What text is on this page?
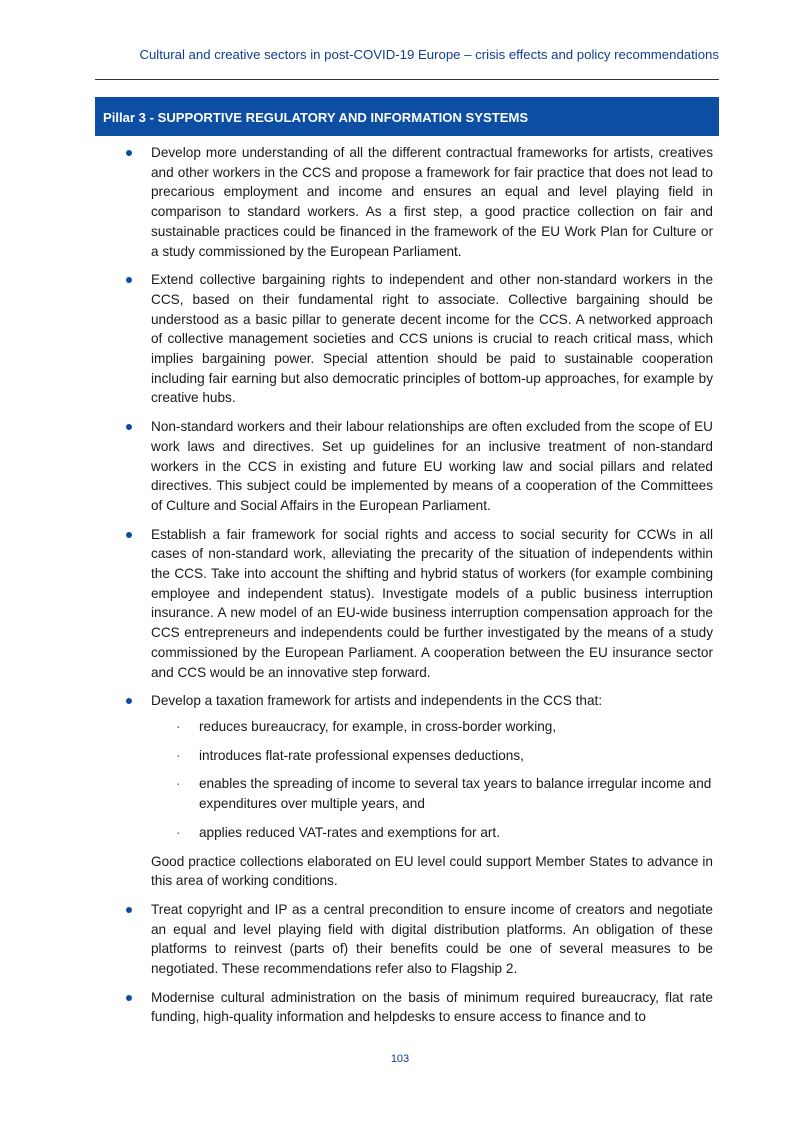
Cultural and creative sectors in post-COVID-19 Europe – crisis effects and policy recommendations
Pillar 3 - SUPPORTIVE REGULATORY AND INFORMATION SYSTEMS
Develop more understanding of all the different contractual frameworks for artists, creatives and other workers in the CCS and propose a framework for fair practice that does not lead to precarious employment and income and ensures an equal and level playing field in comparison to standard workers. As a first step, a good practice collection on fair and sustainable practices could be financed in the framework of the EU Work Plan for Culture or a study commissioned by the European Parliament.
Extend collective bargaining rights to independent and other non-standard workers in the CCS, based on their fundamental right to associate. Collective bargaining should be understood as a basic pillar to generate decent income for the CCS. A networked approach of collective management societies and CCS unions is crucial to reach critical mass, which implies bargaining power. Special attention should be paid to sustainable cooperation including fair earning but also democratic principles of bottom-up approaches, for example by creative hubs.
Non-standard workers and their labour relationships are often excluded from the scope of EU work laws and directives. Set up guidelines for an inclusive treatment of non-standard workers in the CCS in existing and future EU working law and social pillars and related directives. This subject could be implemented by means of a cooperation of the Committees of Culture and Social Affairs in the European Parliament.
Establish a fair framework for social rights and access to social security for CCWs in all cases of non-standard work, alleviating the precarity of the situation of independents within the CCS. Take into account the shifting and hybrid status of workers (for example combining employee and independent status). Investigate models of a public business interruption insurance. A new model of an EU-wide business interruption compensation approach for the CCS entrepreneurs and independents could be further investigated by the means of a study commissioned by the European Parliament. A cooperation between the EU insurance sector and CCS would be an innovative step forward.
Develop a taxation framework for artists and independents in the CCS that:
· reduces bureaucracy, for example, in cross-border working,
· introduces flat-rate professional expenses deductions,
· enables the spreading of income to several tax years to balance irregular income and expenditures over multiple years, and
· applies reduced VAT-rates and exemptions for art.
Good practice collections elaborated on EU level could support Member States to advance in this area of working conditions.
Treat copyright and IP as a central precondition to ensure income of creators and negotiate an equal and level playing field with digital distribution platforms. An obligation of these platforms to reinvest (parts of) their benefits could be one of several measures to be negotiated. These recommendations refer also to Flagship 2.
Modernise cultural administration on the basis of minimum required bureaucracy, flat rate funding, high-quality information and helpdesks to ensure access to finance and to
103
